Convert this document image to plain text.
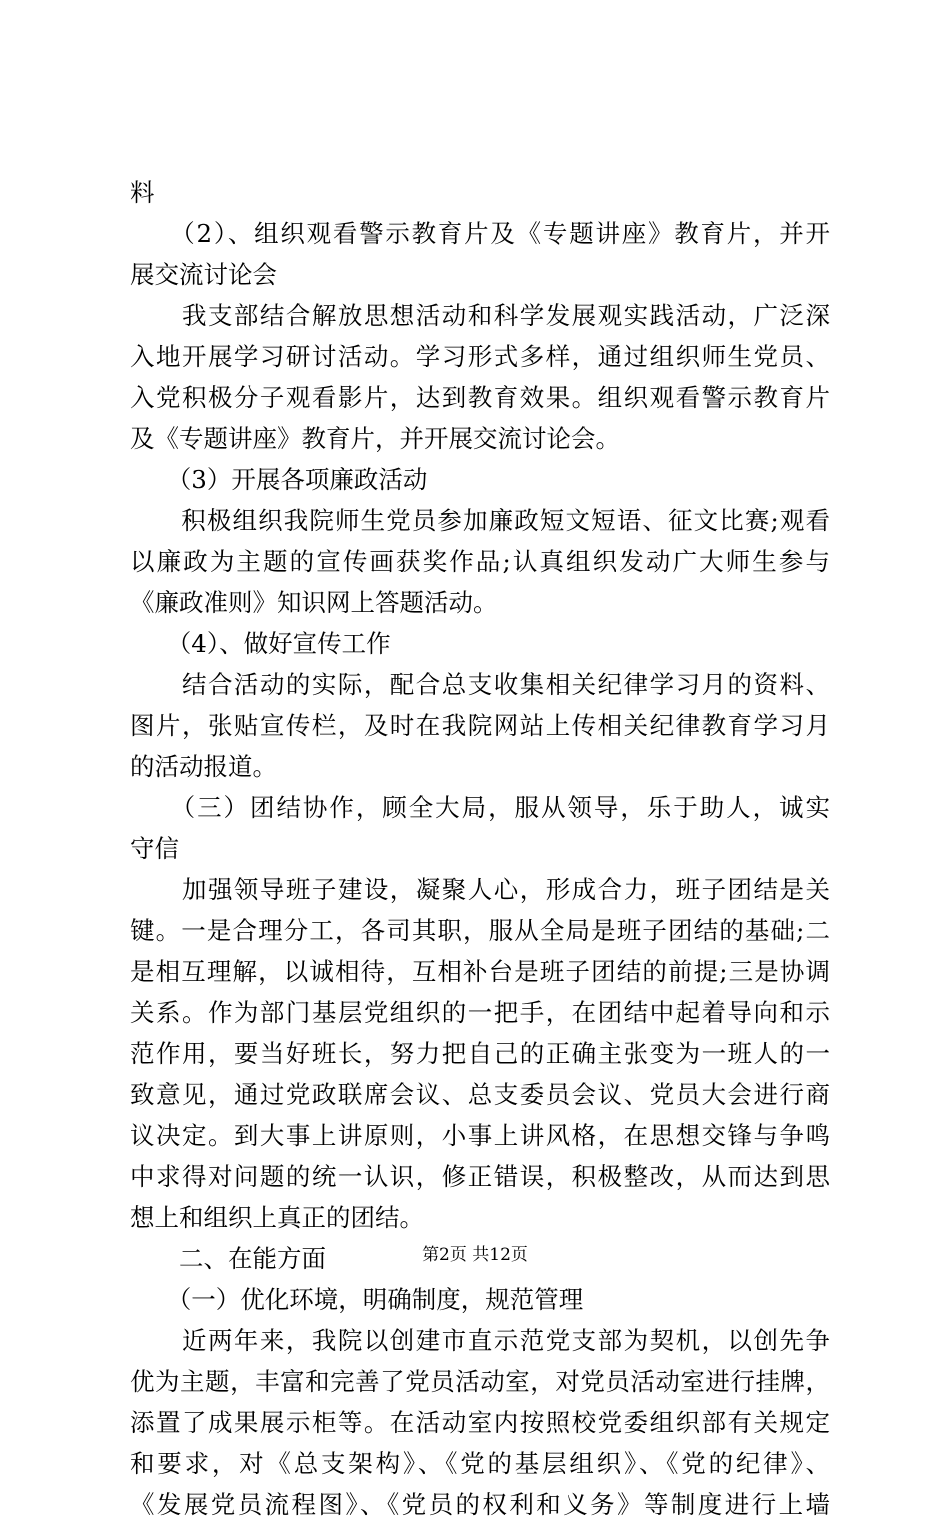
料
　　（2）、组织观看警示教育片及《专题讲座》教育片，并开
展交流讨论会
　　我支部结合解放思想活动和科学发展观实践活动，广泛深
入地开展学习研讨活动。学习形式多样，通过组织师生党员、
入党积极分子观看影片，达到教育效果。组织观看警示教育片
及《专题讲座》教育片，并开展交流讨论会。
　　（3）开展各项廉政活动
　　积极组织我院师生党员参加廉政短文短语、征文比赛;观看
以廉政为主题的宣传画获奖作品;认真组织发动广大师生参与
《廉政准则》知识网上答题活动。
　　（4）、做好宣传工作
　　结合活动的实际，配合总支收集相关纪律学习月的资料、
图片，张贴宣传栏，及时在我院网站上传相关纪律教育学习月
的活动报道。
　　（三）团结协作，顾全大局，服从领导，乐于助人，诚实
守信
　　加强领导班子建设，凝聚人心，形成合力，班子团结是关
键。一是合理分工，各司其职，服从全局是班子团结的基础;二
是相互理解，以诚相待，互相补台是班子团结的前提;三是协调
关系。作为部门基层党组织的一把手，在团结中起着导向和示
范作用，要当好班长，努力把自己的正确主张变为一班人的一
致意见，通过党政联席会议、总支委员会议、党员大会进行商
议决定。到大事上讲原则，小事上讲风格，在思想交锋与争鸣
中求得对问题的统一认识，修正错误，积极整改，从而达到思
想上和组织上真正的团结。
　　二、在能方面
　　（一）优化环境，明确制度，规范管理
　　近两年来，我院以创建市直示范党支部为契机，以创先争
优为主题，丰富和完善了党员活动室，对党员活动室进行挂牌，
添置了成果展示柜等。在活动室内按照校党委组织部有关规定
和要求，对《总支架构》、《党的基层组织》、《党的纪律》、
《发展党员流程图》、《党员的权利和义务》等制度进行上墙
第2页 共12页
